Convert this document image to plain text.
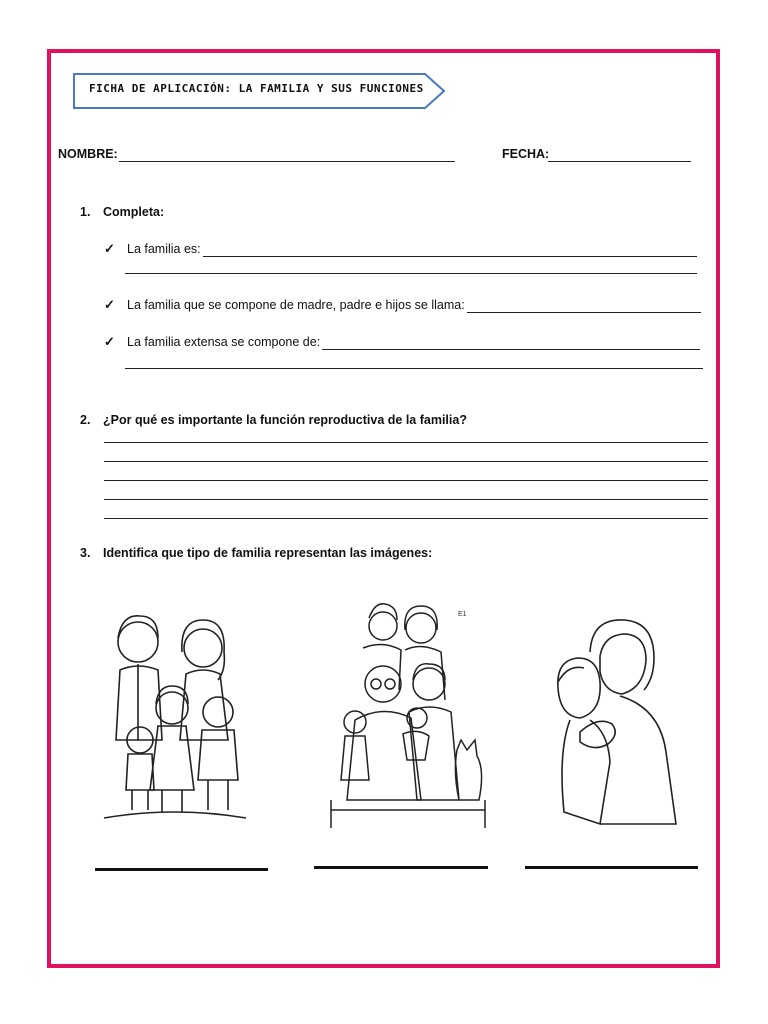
FICHA DE APLICACIÓN: LA FAMILIA Y SUS FUNCIONES
NOMBRE:	FECHA:
1. Completa:
✓ La familia es:
✓ La familia que se compone de madre, padre e hijos se llama:
✓ La familia extensa se compone de:
2. ¿Por qué es importante la función reproductiva de la familia?
3. Identifica que tipo de familia representan las imágenes:
E1
